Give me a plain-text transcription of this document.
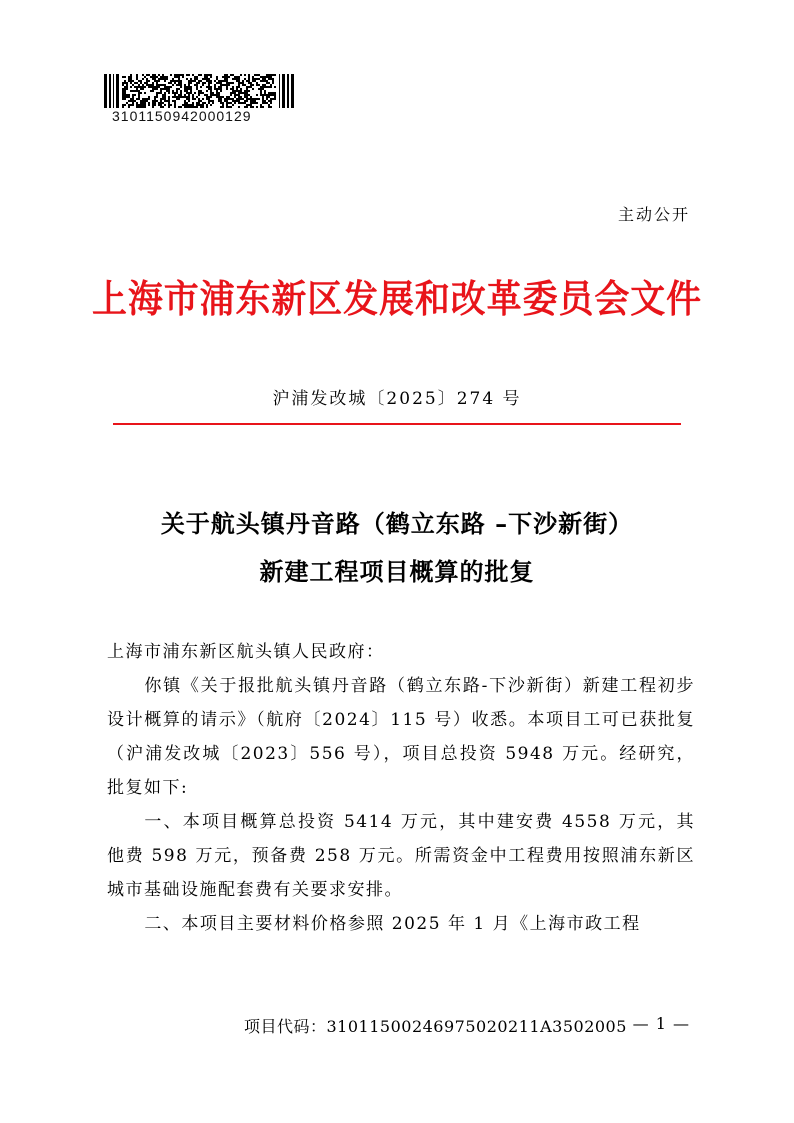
3101150942000129
主动公开
上海市浦东新区发展和改革委员会文件
沪浦发改城〔2025〕274 号
关于航头镇丹音路（鹤立东路 –下沙新街）
新建工程项目概算的批复

上海市浦东新区航头镇人民政府：

你镇《关于报批航头镇丹音路（鹤立东路-下沙新街）新建工程初步设计概算的请示》（航府〔2024〕115 号）收悉。本项目工可已获批复（沪浦发改城〔2023〕556 号），项目总投资 5948 万元。经研究，批复如下:

一、本项目概算总投资 5414 万元，其中建安费 4558 万元，其他费 598 万元，预备费 258 万元。所需资金中工程费用按照浦东新区城市基础设施配套费有关要求安排。

二、本项目主要材料价格参照 2025 年 1 月《上海市政工程

项目代码：31011500246975020211A3502005 — 1 —
